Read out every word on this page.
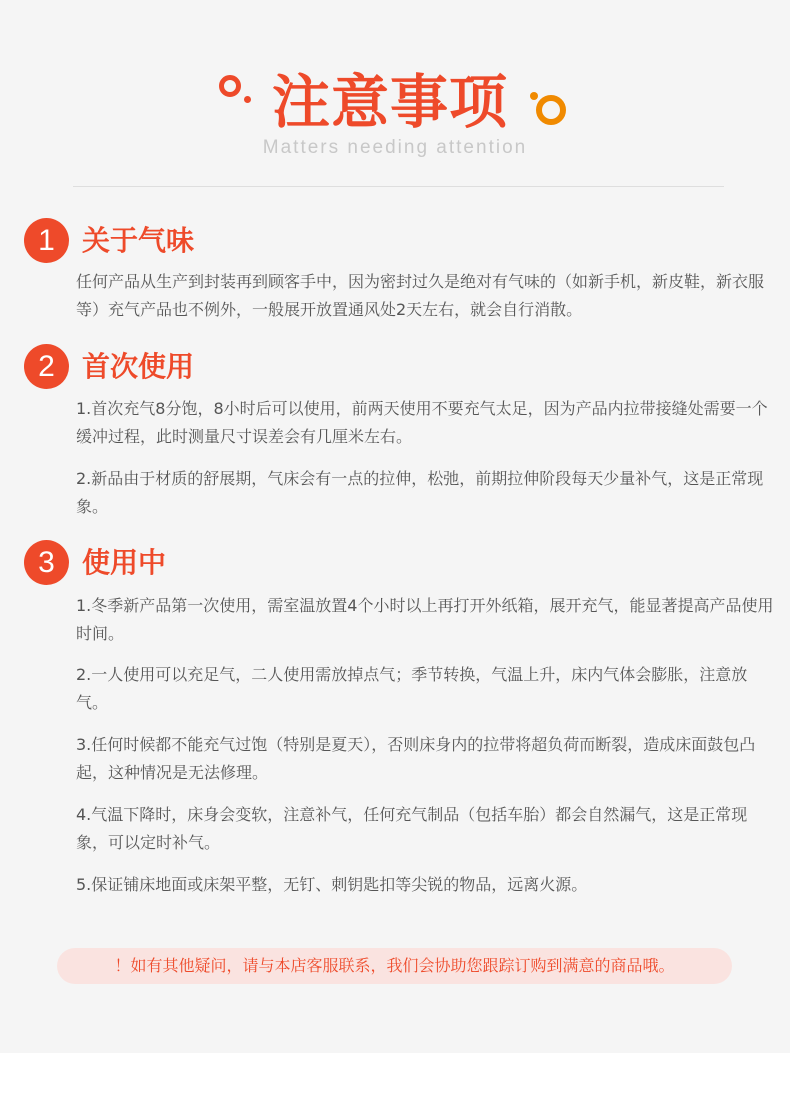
注意事项
Matters needing attention
1 关于气味
任何产品从生产到封装再到顾客手中，因为密封过久是绝对有气味的（如新手机，新皮鞋，新衣服等）充气产品也不例外，一般展开放置通风处2天左右，就会自行消散。
2 首次使用
1.首次充气8分饱，8小时后可以使用，前两天使用不要充气太足，因为产品内拉带接缝处需要一个缓冲过程，此时测量尺寸误差会有几厘米左右。
2.新品由于材质的舒展期，气床会有一点的拉伸，松弛，前期拉伸阶段每天少量补气，这是正常现象。
3 使用中
1.冬季新产品第一次使用，需室温放置4个小时以上再打开外纸箱，展开充气，能显著提高产品使用时间。
2.一人使用可以充足气，二人使用需放掉点气；季节转换，气温上升，床内气体会膨胀，注意放气。
3.任何时候都不能充气过饱（特别是夏天），否则床身内的拉带将超负荷而断裂，造成床面鼓包凸起，这种情况是无法修理。
4.气温下降时，床身会变软，注意补气，任何充气制品（包括车胎）都会自然漏气，这是正常现象，可以定时补气。
5.保证铺床地面或床架平整，无钉、刺钥匙扣等尖锐的物品，远离火源。
！如有其他疑问，请与本店客服联系，我们会协助您跟踪订购到满意的商品哦。
